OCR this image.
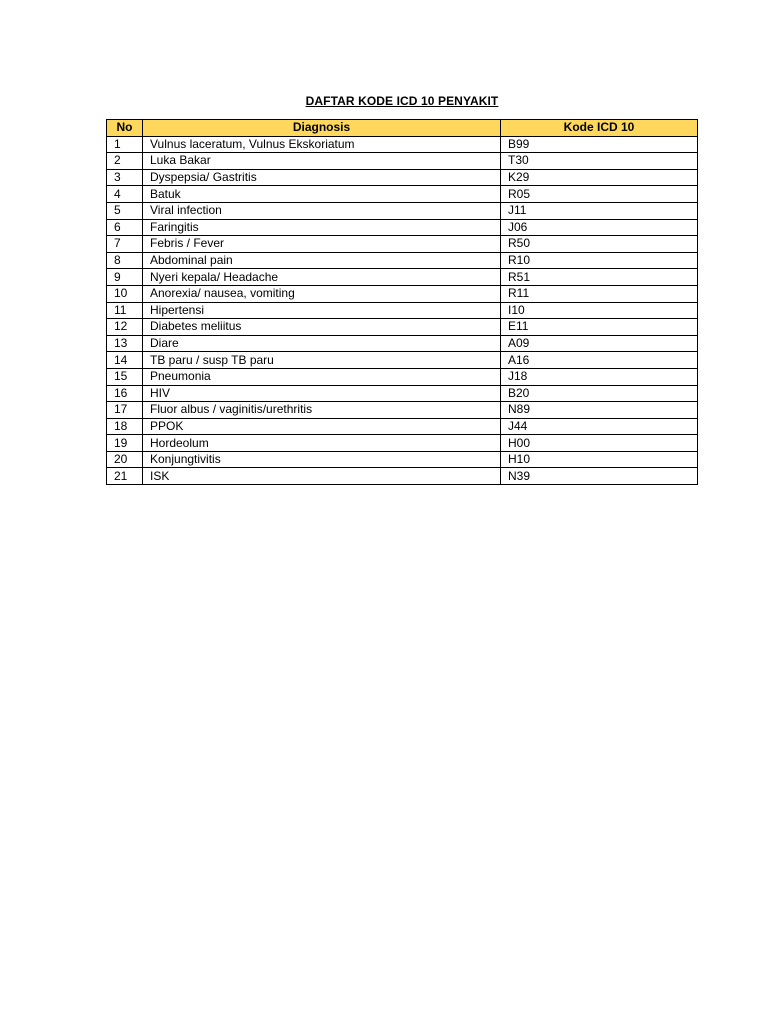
DAFTAR KODE ICD 10 PENYAKIT
No	Diagnosis	Kode ICD 10
1	Vulnus laceratum, Vulnus Ekskoriatum	B99
2	Luka Bakar	T30
3	Dyspepsia/ Gastritis	K29
4	Batuk	R05
5	Viral infection	J11
6	Faringitis	J06
7	Febris / Fever	R50
8	Abdominal pain	R10
9	Nyeri kepala/ Headache	R51
10	Anorexia/ nausea, vomiting	R11
11	Hipertensi	I10
12	Diabetes meliitus	E11
13	Diare	A09
14	TB paru / susp TB paru	A16
15	Pneumonia	J18
16	HIV	B20
17	Fluor albus / vaginitis/urethritis	N89
18	PPOK	J44
19	Hordeolum	H00
20	Konjungtivitis	H10
21	ISK	N39
